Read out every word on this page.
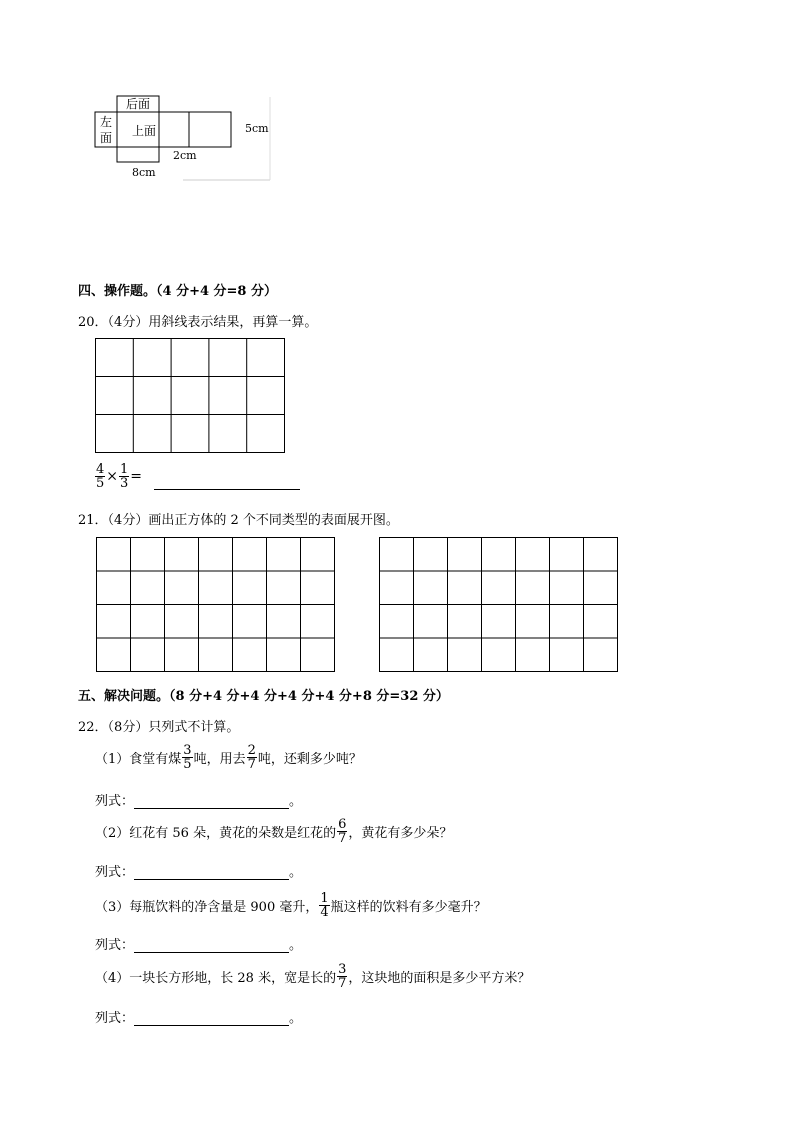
后面
左
面 上面	5cm
2cm
8cm
四、操作题。（4 分+4 分=8 分）
20．（4分）用斜线表示结果，再算一算。
$\frac{4}{5} \times \frac{1}{3}$ =
21．（4分）画出正方体的 2 个不同类型的表面展开图。
五、解决问题。（8 分+4 分+4 分+4 分+4 分+8 分=32 分）
22．（8分）只列式不计算。
（1）食堂有煤 $\frac{3}{5}$ 吨，用去 $\frac{2}{7}$ 吨，还剩多少吨？
列式：	。
（2）红花有 56 朵，黄花的朵数是红花的 $\frac{6}{7}$ ，黄花有多少朵？
列式：	。
（3）每瓶饮料的净含量是 900 毫升， $\frac{1}{4}$ 瓶这样的饮料有多少毫升？
列式：	。
（4）一块长方形地，长 28 米，宽是长的 $\frac{3}{7}$ ，这块地的面积是多少平方米？
列式：	。
